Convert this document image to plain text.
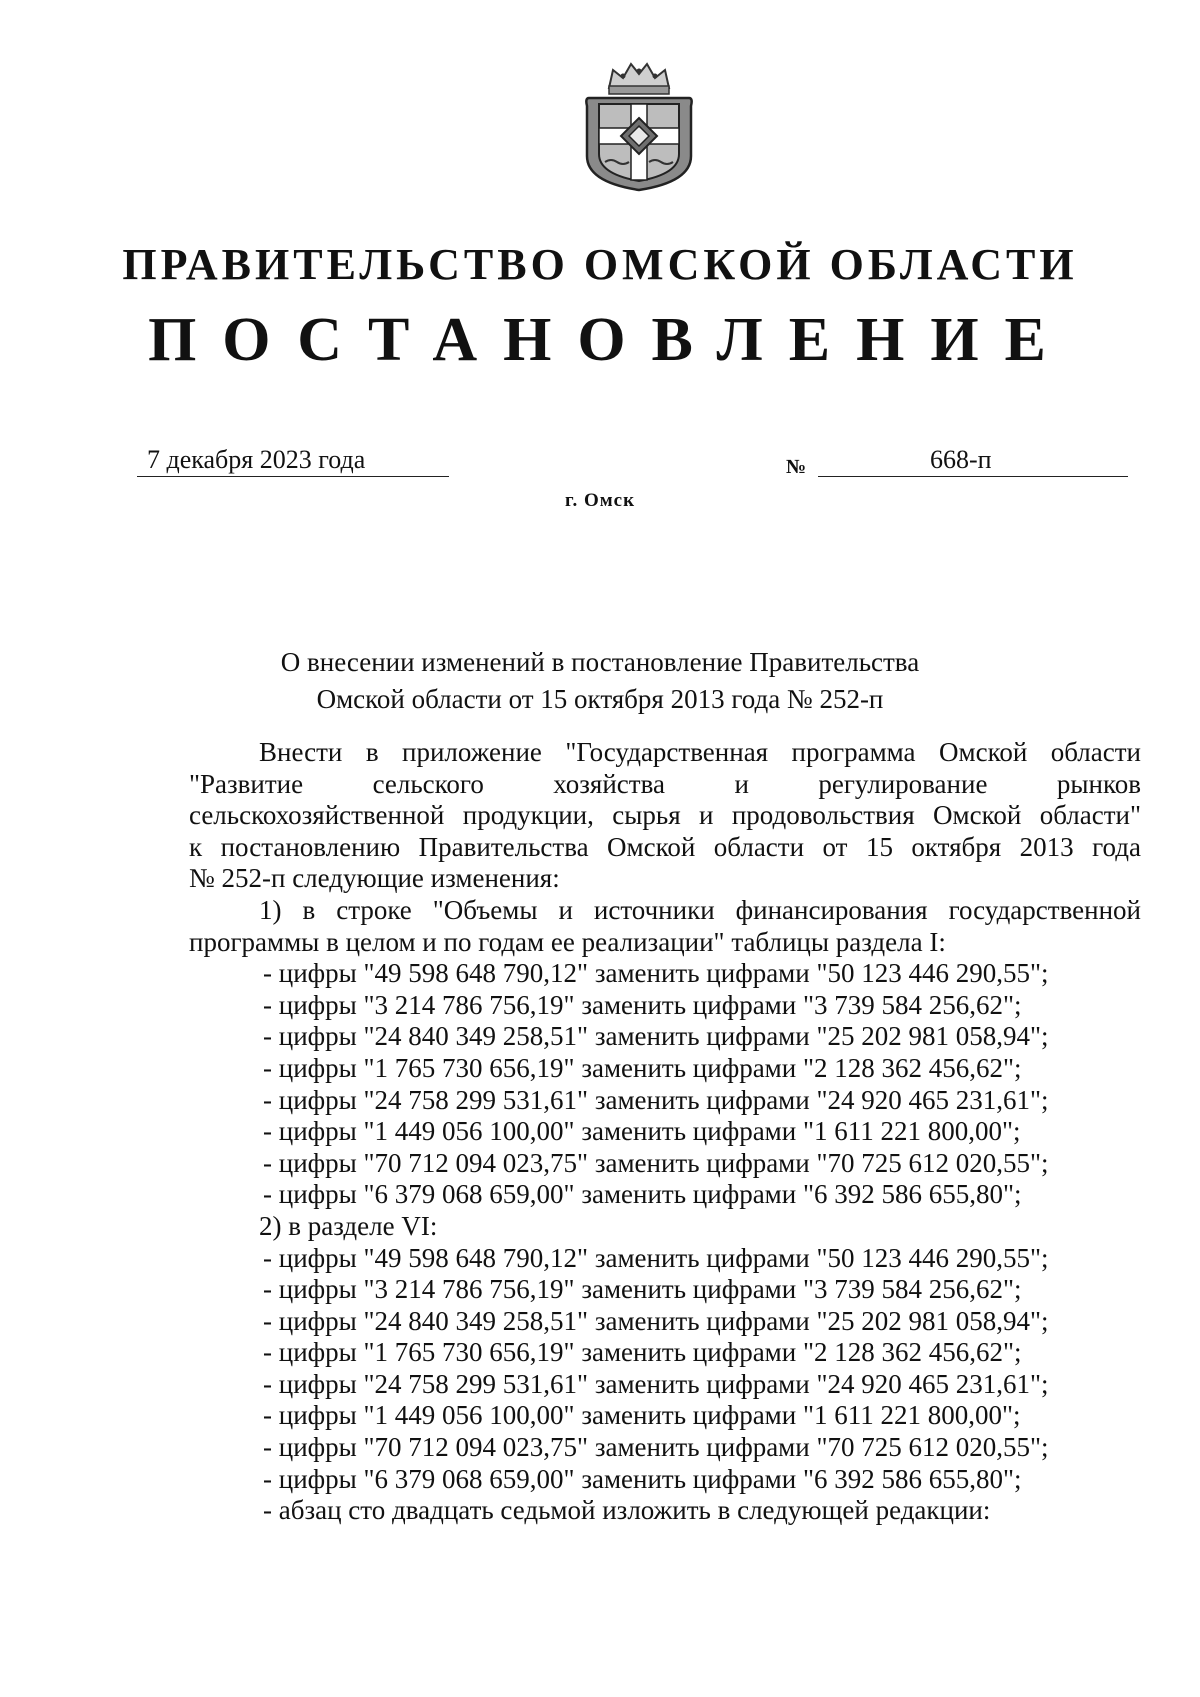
ПРАВИТЕЛЬСТВО ОМСКОЙ ОБЛАСТИ
ПОСТАНОВЛЕНИЕ
7 декабря 2023 года	№	668-п
г. Омск
О внесении изменений в постановление Правительства
Омской области от 15 октября 2013 года № 252-п
Внести в приложение "Государственная программа Омской области
"Развитие сельского хозяйства и регулирование рынков
сельскохозяйственной продукции, сырья и продовольствия Омской области"
к постановлению Правительства Омской области от 15 октября 2013 года
№ 252-п следующие изменения:
1) в строке "Объемы и источники финансирования государственной
программы в целом и по годам ее реализации" таблицы раздела I:
- цифры "49 598 648 790,12" заменить цифрами "50 123 446 290,55";
- цифры "3 214 786 756,19" заменить цифрами "3 739 584 256,62";
- цифры "24 840 349 258,51" заменить цифрами "25 202 981 058,94";
- цифры "1 765 730 656,19" заменить цифрами "2 128 362 456,62";
- цифры "24 758 299 531,61" заменить цифрами "24 920 465 231,61";
- цифры "1 449 056 100,00" заменить цифрами "1 611 221 800,00";
- цифры "70 712 094 023,75" заменить цифрами "70 725 612 020,55";
- цифры "6 379 068 659,00" заменить цифрами "6 392 586 655,80";
2) в разделе VI:
- цифры "49 598 648 790,12" заменить цифрами "50 123 446 290,55";
- цифры "3 214 786 756,19" заменить цифрами "3 739 584 256,62";
- цифры "24 840 349 258,51" заменить цифрами "25 202 981 058,94";
- цифры "1 765 730 656,19" заменить цифрами "2 128 362 456,62";
- цифры "24 758 299 531,61" заменить цифрами "24 920 465 231,61";
- цифры "1 449 056 100,00" заменить цифрами "1 611 221 800,00";
- цифры "70 712 094 023,75" заменить цифрами "70 725 612 020,55";
- цифры "6 379 068 659,00" заменить цифрами "6 392 586 655,80";
- абзац сто двадцать седьмой изложить в следующей редакции:
